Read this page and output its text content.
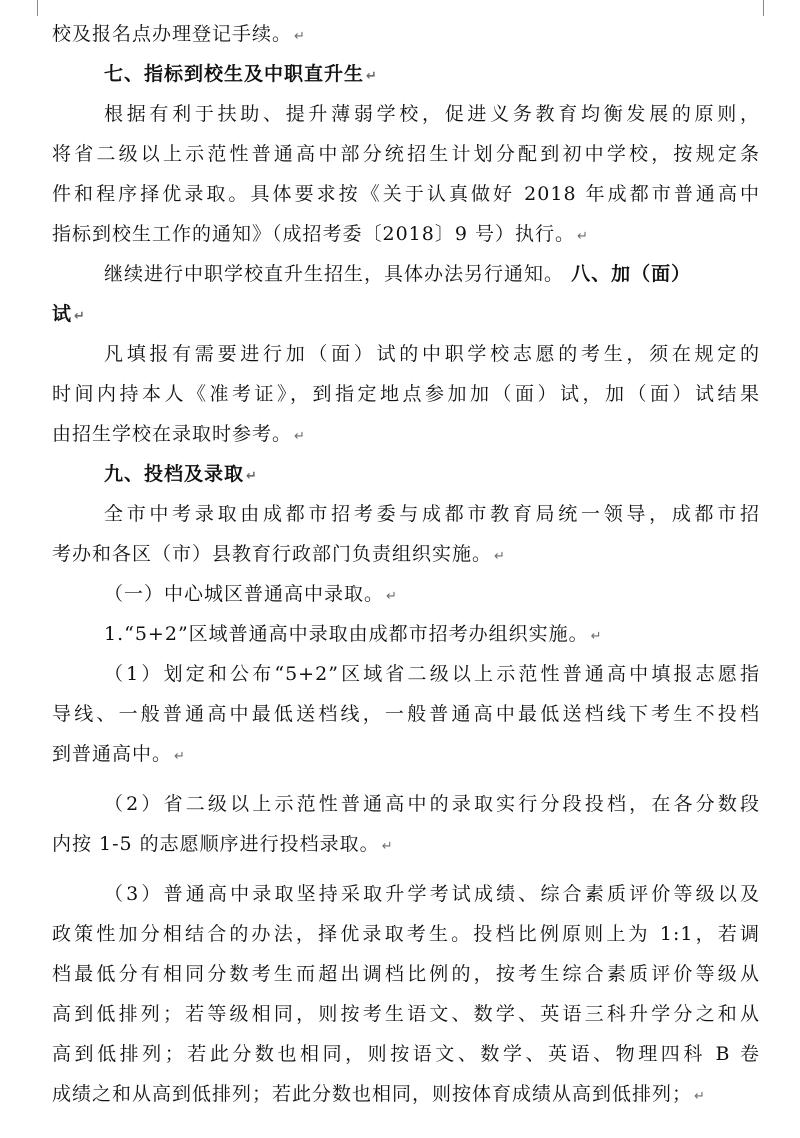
校及报名点办理登记手续。 ↵
七、指标到校生及中职直升生 ↵
根据有利于扶助、提升薄弱学校，促进义务教育均衡发展的原则，
将省二级以上示范性普通高中部分统招生计划分配到初中学校，按规定条
件和程序择优录取。具体要求按《关于认真做好 2018 年成都市普通高中
指标到校生工作的通知》（成招考委〔2018〕9 号）执行。 ↵
继续进行中职学校直升生招生，具体办法另行通知。 八、加（面）
试 ↵
凡填报有需要进行加（面）试的中职学校志愿的考生，须在规定的
时间内持本人《准考证》，到指定地点参加加（面）试，加（面）试结果
由招生学校在录取时参考。 ↵
九、投档及录取 ↵
全市中考录取由成都市招考委与成都市教育局统一领导，成都市招
考办和各区（市）县教育行政部门负责组织实施。 ↵
（一）中心城区普通高中录取。 ↵
1.“5+2”区域普通高中录取由成都市招考办组织实施。 ↵
（1）划定和公布“5+2”区域省二级以上示范性普通高中填报志愿指
导线、一般普通高中最低送档线，一般普通高中最低送档线下考生不投档
到普通高中。 ↵
（2）省二级以上示范性普通高中的录取实行分段投档，在各分数段
内按 1-5 的志愿顺序进行投档录取。 ↵
（3）普通高中录取坚持采取升学考试成绩、综合素质评价等级以及
政策性加分相结合的办法，择优录取考生。投档比例原则上为 1:1，若调
档最低分有相同分数考生而超出调档比例的，按考生综合素质评价等级从
高到低排列；若等级相同，则按考生语文、数学、英语三科升学分之和从
高到低排列；若此分数也相同，则按语文、数学、英语、物理四科 B 卷
成绩之和从高到低排列；若此分数也相同，则按体育成绩从高到低排列； ↵
